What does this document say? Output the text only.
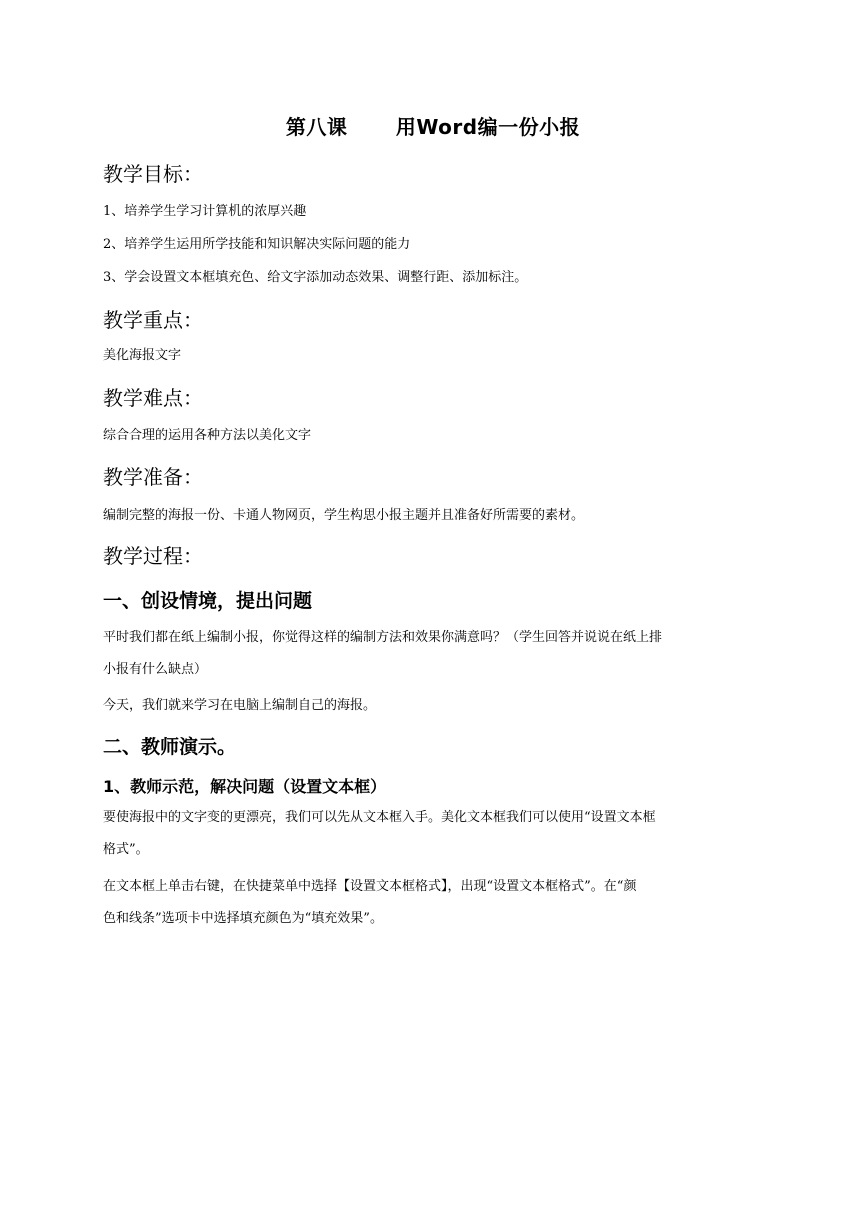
第八课　　 用Word编一份小报
教学目标：
1、培养学生学习计算机的浓厚兴趣
2、培养学生运用所学技能和知识解决实际问题的能力
3、学会设置文本框填充色、给文字添加动态效果、调整行距、添加标注。
教学重点：
美化海报文字
教学难点：
综合合理的运用各种方法以美化文字
教学准备：
编制完整的海报一份、卡通人物网页，学生构思小报主题并且准备好所需要的素材。
教学过程：
一、创设情境，提出问题
平时我们都在纸上编制小报，你觉得这样的编制方法和效果你满意吗？（学生回答并说说在纸上排
小报有什么缺点）
今天，我们就来学习在电脑上编制自己的海报。
二、教师演示。
1、教师示范，解决问题（设置文本框）
要使海报中的文字变的更漂亮，我们可以先从文本框入手。美化文本框我们可以使用“设置文本框
格式”。
在文本框上单击右键，在快捷菜单中选择【设置文本框格式】，出现“设置文本框格式”。在“颜
色和线条”选项卡中选择填充颜色为“填充效果”。
